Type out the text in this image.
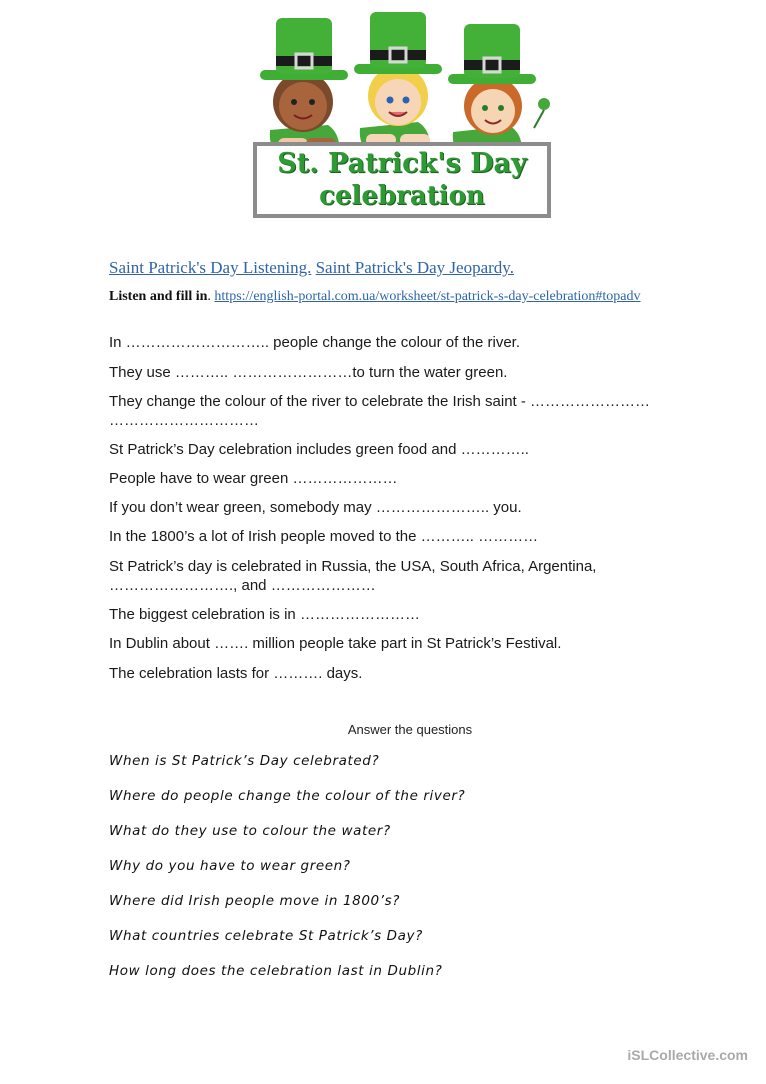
St. Patrick's Day
celebration
Saint Patrick's Day Listening. Saint Patrick's Day Jeopardy.
Listen and fill in. https://english-portal.com.ua/worksheet/st-patrick-s-day-celebration#topadv
In ……………………….. people change the colour of the river.
They use ……….. ……………………to turn the water green.
They change the colour of the river to celebrate the Irish saint - …………………… …………………………
St Patrick’s Day celebration includes green food and …………..
People have to wear green …………………
If you don’t wear green, somebody may ………………….. you.
In the 1800’s a lot of Irish people moved to the ……….. …………
St Patrick’s day is celebrated in Russia, the USA, South Africa, Argentina, ……………………., and …………………
The biggest celebration is in ……………………
In Dublin about ……. million people take part in St Patrick’s Festival.
The celebration lasts for ………. days.
Answer the questions
When is St Patrick’s Day celebrated?
Where do people change the colour of the river?
What do they use to colour the water?
Why do you have to wear green?
Where did Irish people move in 1800’s?
What countries celebrate St Patrick’s Day?
How long does the celebration last in Dublin?
iSLCollective.com
